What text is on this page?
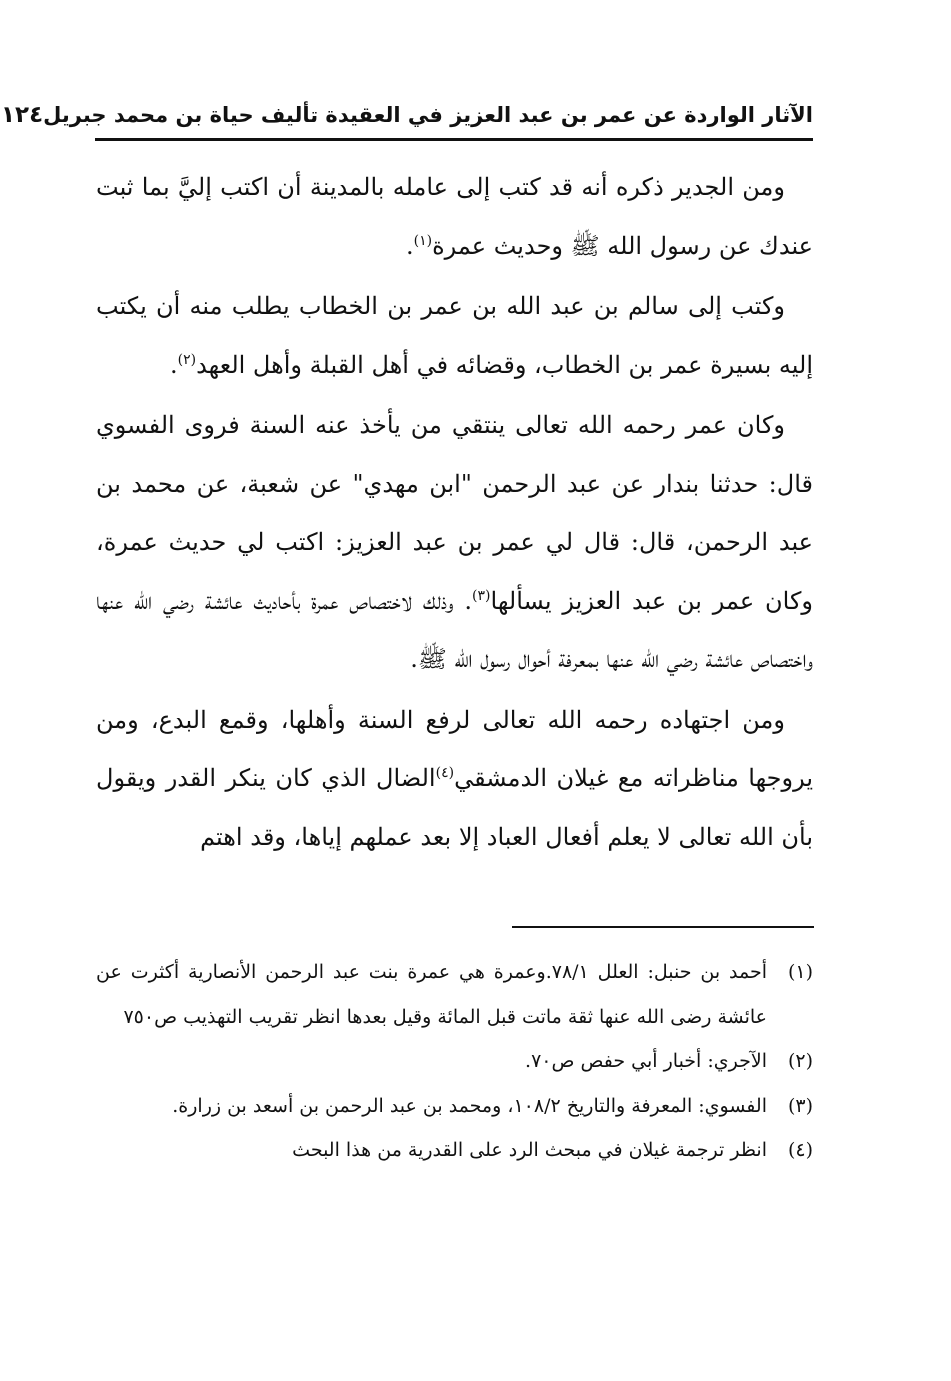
الآثار الواردة عن عمر بن عبد العزيز في العقيدة تأليف حياة بن محمد جبريل
١٢٤

ومن الجدير ذكره أنه قد كتب إلى عامله بالمدينة أن اكتب إليَّ بما ثبت عندك عن رسول الله ﷺ وحديث عمرة$^{(١)}$.

وكتب إلى سالم بن عبد الله بن عمر بن الخطاب يطلب منه أن يكتب إليه بسيرة عمر بن الخطاب، وقضائه في أهل القبلة وأهل العهد$^{(٢)}$.

وكان عمر رحمه الله تعالى ينتقي من يأخذ عنه السنة فروى الفسوي قال: حدثنا بندار عن عبد الرحمن "ابن مهدي" عن شعبة، عن محمد بن عبد الرحمن، قال: قال لي عمر بن عبد العزيز: اكتب لي حديث عمرة، وكان عمر بن عبد العزيز يسألها$^{(٣)}$. وذلك لاختصاص عمرة بأحاديث عائشة رضي الله عنها واختصاص عائشة رضي الله عنها بمعرفة أحوال رسول الله ﷺ.

ومن اجتهاده رحمه الله تعالى لرفع السنة وأهلها، وقمع البدع، ومن يروجها مناظراته مع غيلان الدمشقي$^{(٤)}$الضال الذي كان ينكر القدر ويقول بأن الله تعالى لا يعلم أفعال العباد إلا بعد عملهم إياها، وقد اهتم

(١)
أحمد بن حنبل: العلل ٧٨/١.وعمرة هي عمرة بنت عبد الرحمن الأنصارية أكثرت عن عائشة رضى الله عنها ثقة ماتت قبل المائة وقيل بعدها انظر تقريب التهذيب ص٧٥٠
(٢)
الآجري: أخبار أبي حفص ص٧٠.
(٣)
الفسوي: المعرفة والتاريخ ١٠٨/٢، ومحمد بن عبد الرحمن بن أسعد بن زرارة.
(٤)
انظر ترجمة غيلان في مبحث الرد على القدرية من هذا البحث
